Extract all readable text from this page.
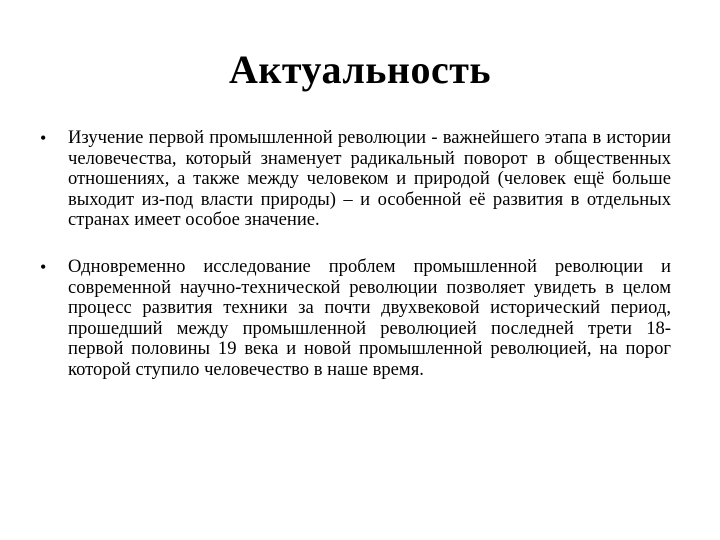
Актуальность
• Изучение первой промышленной революции - важнейшего этапа в истории человечества, который знаменует радикальный поворот в общественных отношениях, а также между человеком и природой (человек ещё больше выходит из-под власти природы) – и особенной её развития в отдельных странах имеет особое значение.
• Одновременно исследование проблем промышленной революции и современной научно-технической революции позволяет увидеть в целом процесс развития техники за почти двухвековой исторический период, прошедший между промышленной революцией последней трети 18- первой половины 19 века и новой промышленной революцией, на порог которой ступило человечество в наше время.
